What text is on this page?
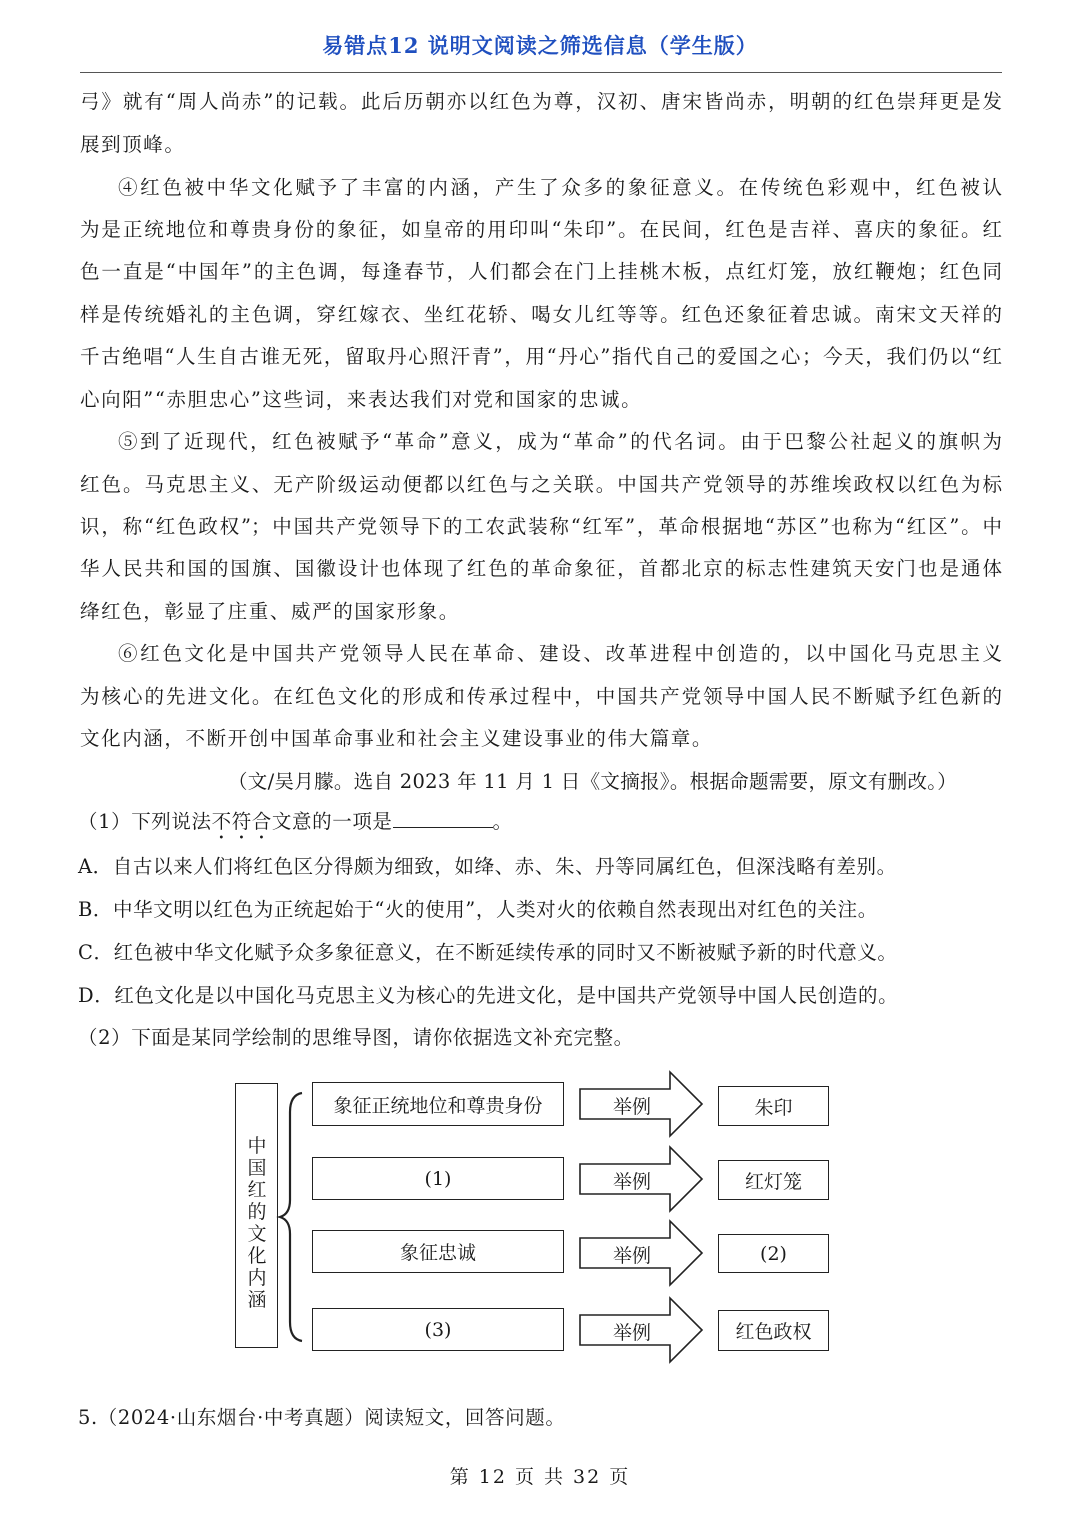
易错点12 说明文阅读之筛选信息（学生版）
弓》就有“周人尚赤”的记载。此后历朝亦以红色为尊，汉初、唐宋皆尚赤，明朝的红色崇拜更是发
展到顶峰。
④红色被中华文化赋予了丰富的内涵，产生了众多的象征意义。在传统色彩观中，红色被认
为是正统地位和尊贵身份的象征，如皇帝的用印叫“朱印”。在民间，红色是吉祥、喜庆的象征。红
色一直是“中国年”的主色调，每逢春节，人们都会在门上挂桃木板，点红灯笼，放红鞭炮；红色同
样是传统婚礼的主色调，穿红嫁衣、坐红花轿、喝女儿红等等。红色还象征着忠诚。南宋文天祥的
千古绝唱“人生自古谁无死，留取丹心照汗青”，用“丹心”指代自己的爱国之心；今天，我们仍以“红
心向阳”“赤胆忠心”这些词，来表达我们对党和国家的忠诚。
⑤到了近现代，红色被赋予“革命”意义，成为“革命”的代名词。由于巴黎公社起义的旗帜为
红色。马克思主义、无产阶级运动便都以红色与之关联。中国共产党领导的苏维埃政权以红色为标
识，称“红色政权”；中国共产党领导下的工农武装称“红军”，革命根据地“苏区”也称为“红区”。中
华人民共和国的国旗、国徽设计也体现了红色的革命象征，首都北京的标志性建筑天安门也是通体
绛红色，彰显了庄重、威严的国家形象。
⑥红色文化是中国共产党领导人民在革命、建设、改革进程中创造的，以中国化马克思主义
为核心的先进文化。在红色文化的形成和传承过程中，中国共产党领导中国人民不断赋予红色新的
文化内涵，不断开创中国革命事业和社会主义建设事业的伟大篇章。
（文/吴月朦。选自 2023 年 11 月 1 日《文摘报》。根据命题需要，原文有删改。）
（1）下列说法不符合文意的一项是	。
A．自古以来人们将红色区分得颇为细致，如绛、赤、朱、丹等同属红色，但深浅略有差别。
B．中华文明以红色为正统起始于“火的使用”，人类对火的依赖自然表现出对红色的关注。
C．红色被中华文化赋予众多象征意义，在不断延续传承的同时又不断被赋予新的时代意义。
D．红色文化是以中国化马克思主义为核心的先进文化，是中国共产党领导中国人民创造的。
（2）下面是某同学绘制的思维导图，请你依据选文补充完整。
中
国
红
的
文
化
内
涵
象征正统地位和尊贵身份
(1)
象征忠诚
(3)
举例
举例
举例
举例
朱印
红灯笼
(2)
红色政权
5.（2024·山东烟台·中考真题）阅读短文，回答问题。
第 12 页 共 32 页
